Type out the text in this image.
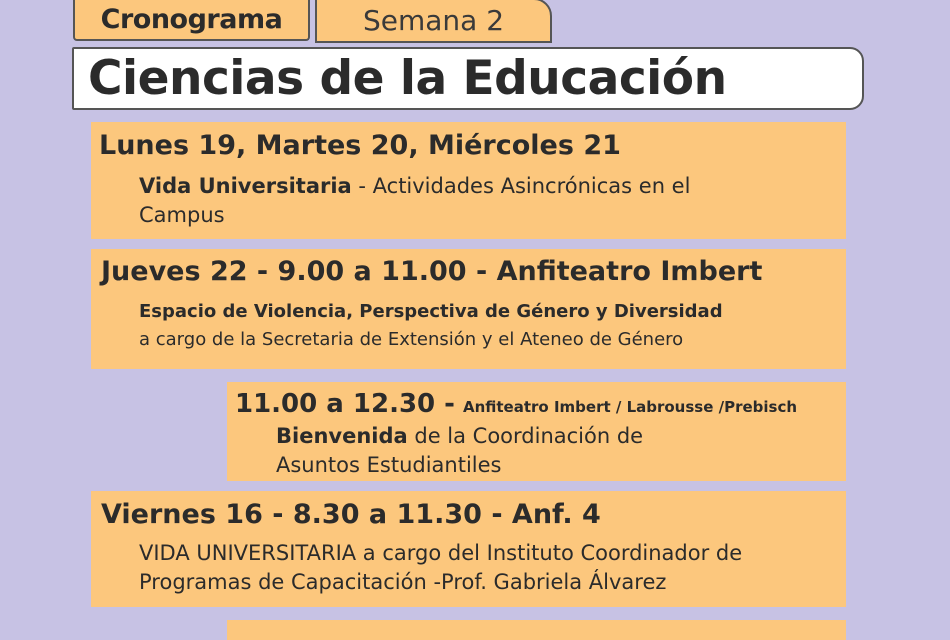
Cronograma	Semana 2
Ciencias de la Educación
Lunes 19, Martes 20, Miércoles 21
Vida Universitaria - Actividades Asincrónicas en el
Campus
Jueves 22 - 9.00 a 11.00 - Anfiteatro Imbert
Espacio de Violencia, Perspectiva de Género y Diversidad
a cargo de la Secretaria de Extensión y el Ateneo de Género
11.00 a 12.30 - Anfiteatro Imbert / Labrousse /Prebisch
Bienvenida de la Coordinación de
Asuntos Estudiantiles
Viernes 16 - 8.30 a 11.30 - Anf. 4
VIDA UNIVERSITARIA a cargo del Instituto Coordinador de
Programas de Capacitación -Prof. Gabriela Álvarez
